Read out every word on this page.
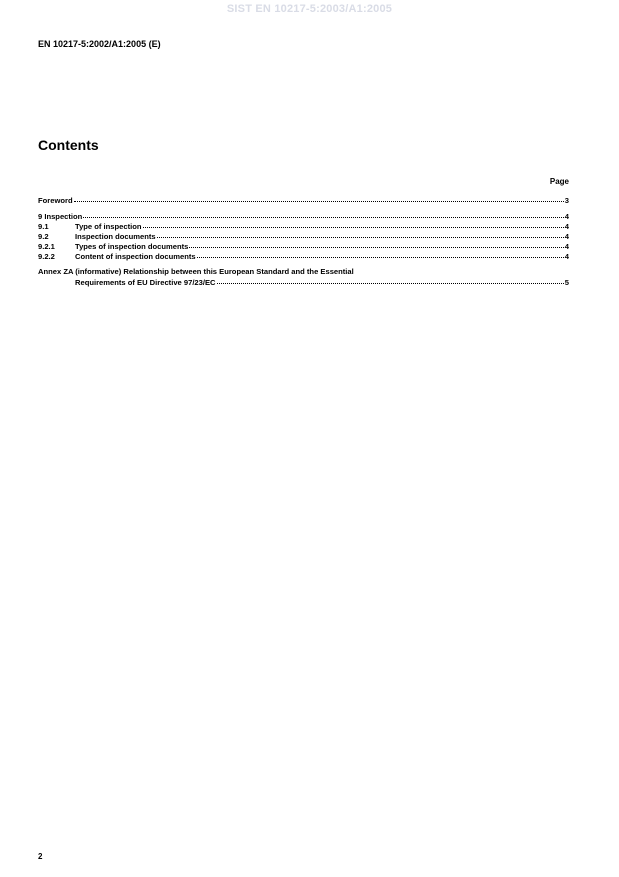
SIST EN 10217-5:2003/A1:2005
EN 10217-5:2002/A1:2005 (E)
Contents
Page
Foreword	3
9 Inspection	4
9.1	Type of inspection	4
9.2	Inspection documents	4
9.2.1	Types of inspection documents	4
9.2.2	Content of inspection documents	4
Annex ZA (informative) Relationship between this European Standard and the Essential
Requirements of EU Directive 97/23/EC	5
2
